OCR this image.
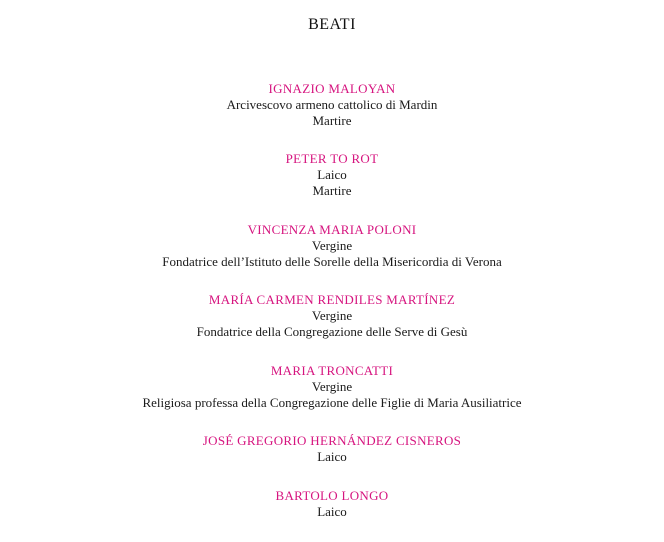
BEATI
IGNAZIO MALOYAN
Arcivescovo armeno cattolico di Mardin
Martire
PETER TO ROT
Laico
Martire
VINCENZA MARIA POLONI
Vergine
Fondatrice dell’Istituto delle Sorelle della Misericordia di Verona
MARÍA CARMEN RENDILES MARTÍNEZ
Vergine
Fondatrice della Congregazione delle Serve di Gesù
MARIA TRONCATTI
Vergine
Religiosa professa della Congregazione delle Figlie di Maria Ausiliatrice
JOSÉ GREGORIO HERNÁNDEZ CISNEROS
Laico
BARTOLO LONGO
Laico
